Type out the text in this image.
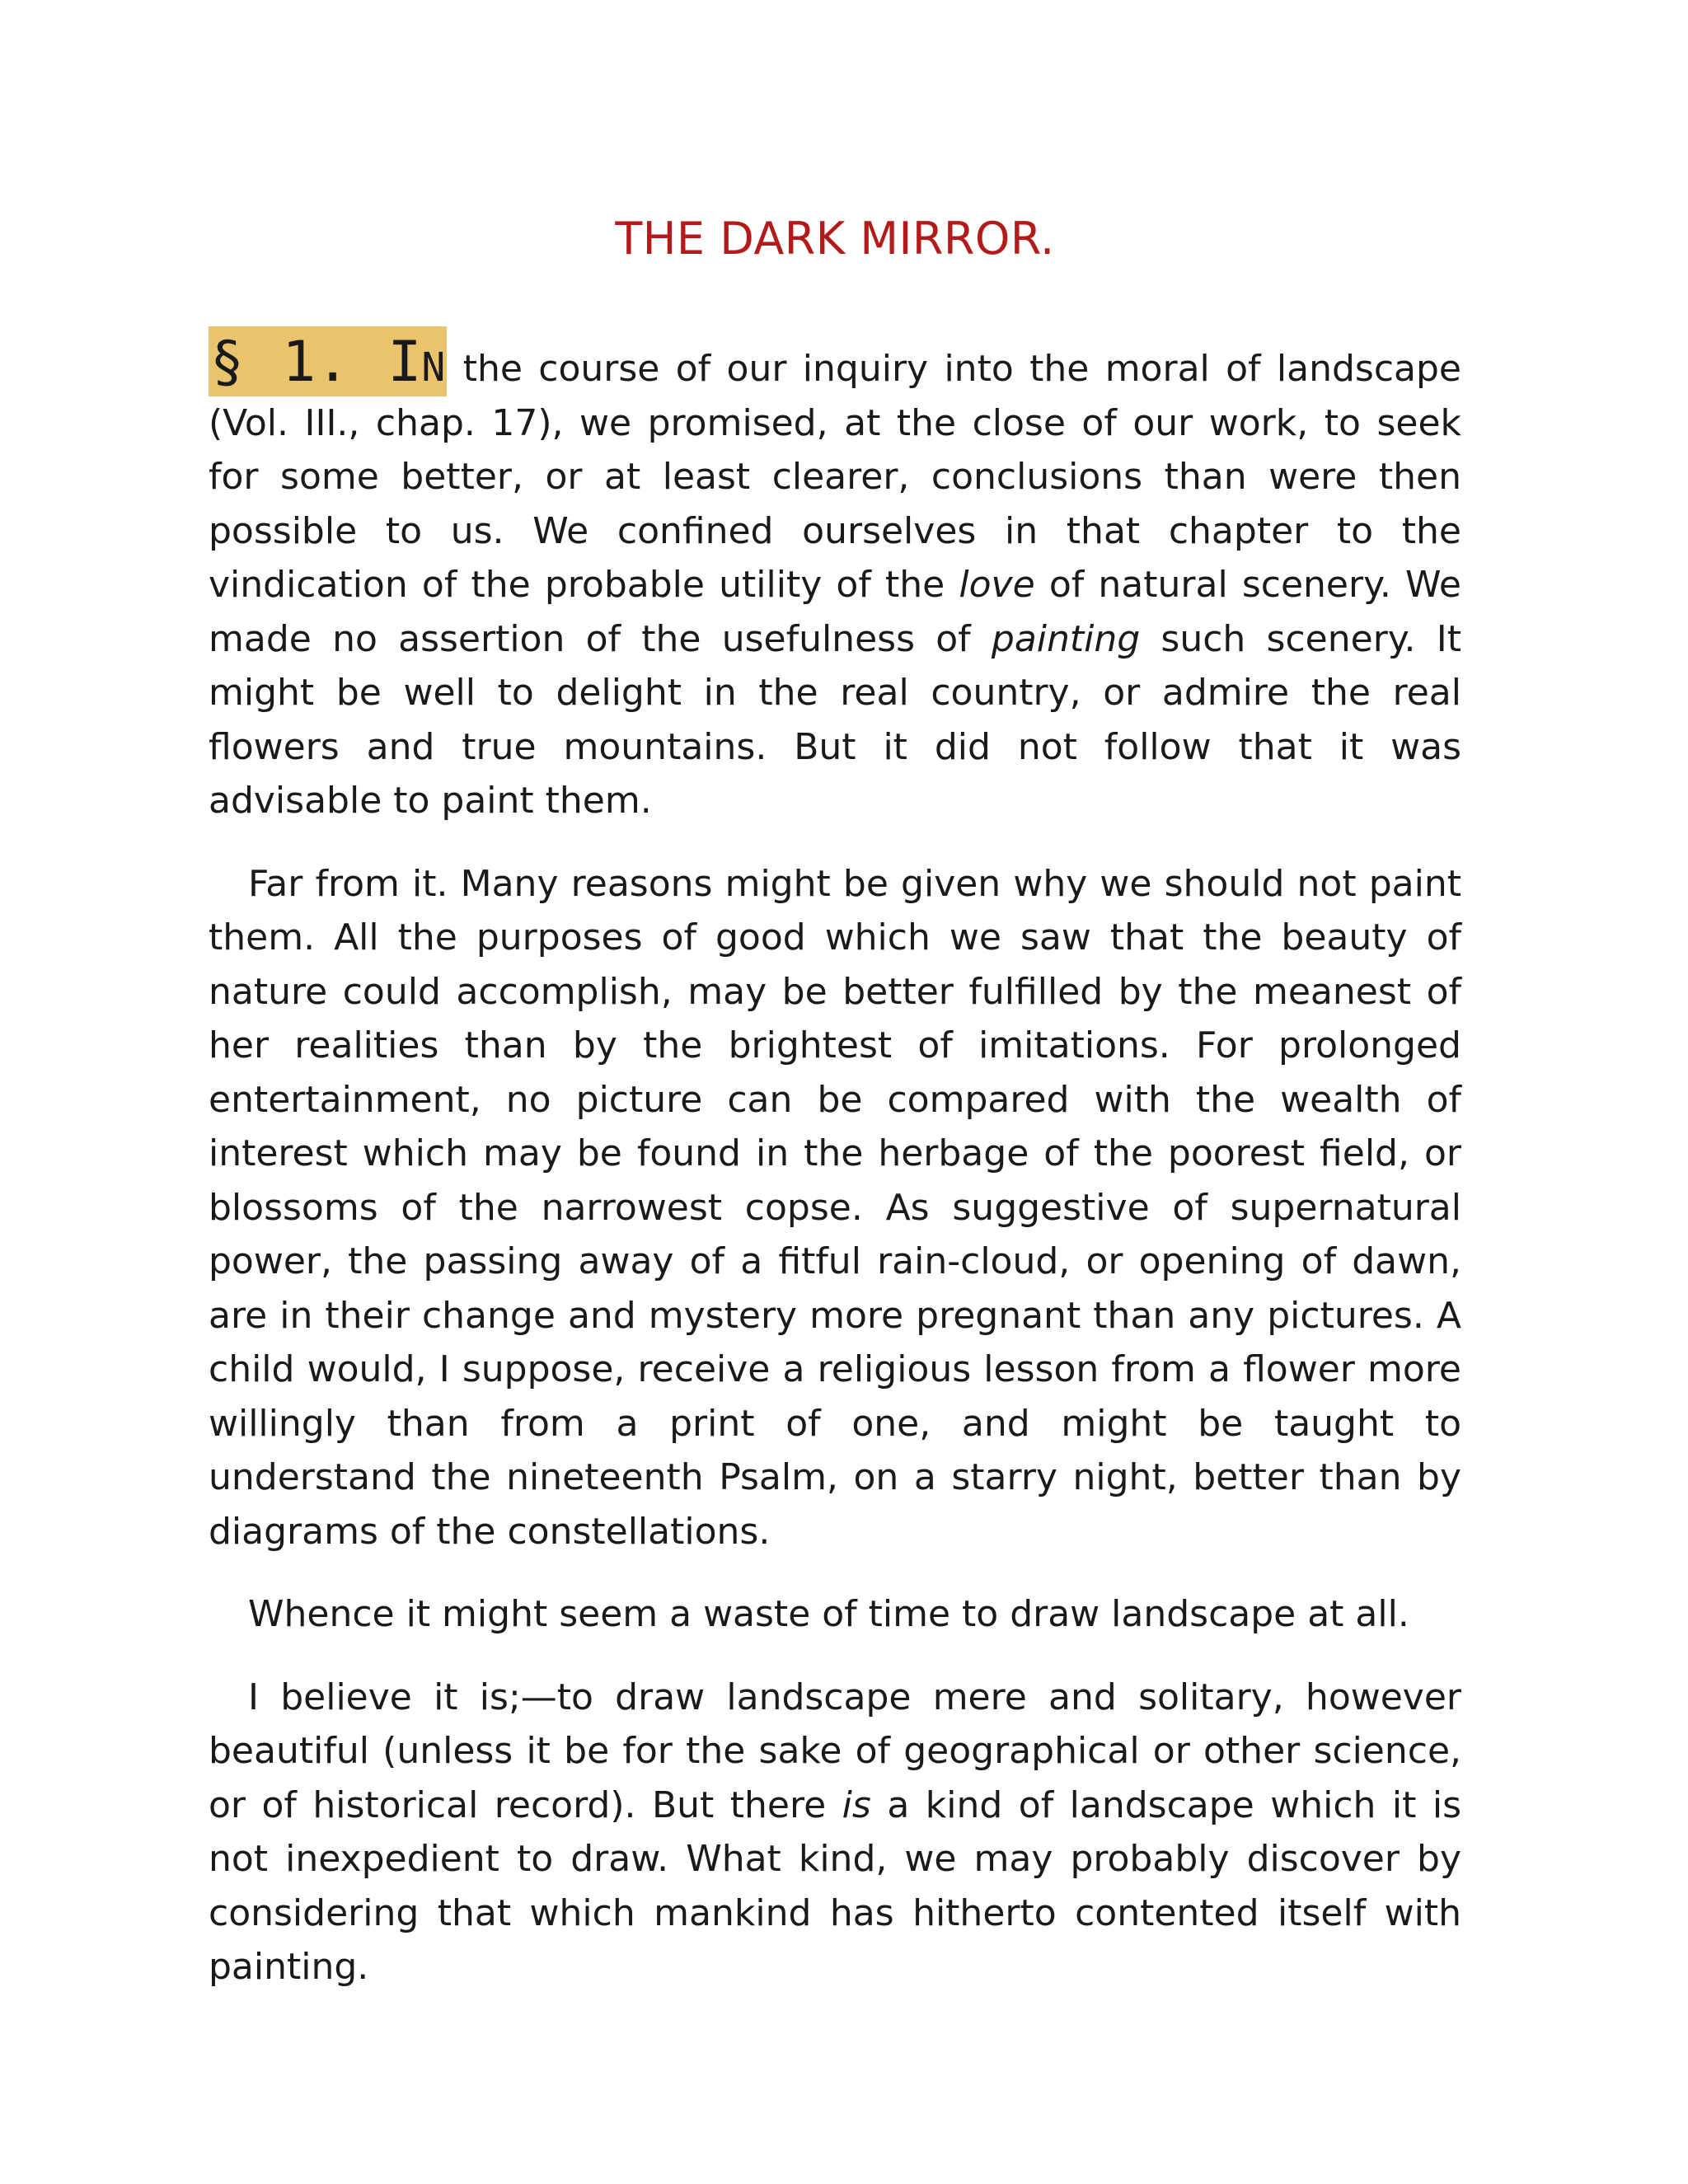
THE DARK MIRROR.

§ 1. IN the course of our inquiry into the moral of landscape (Vol. III., chap. 17), we promised, at the close of our work, to seek for some better, or at least clearer, conclusions than were then possible to us. We confined ourselves in that chapter to the vindication of the probable utility of the love of natural scenery. We made no assertion of the usefulness of painting such scenery. It might be well to delight in the real country, or admire the real flowers and true mountains. But it did not follow that it was advisable to paint them.

Far from it. Many reasons might be given why we should not paint them. All the purposes of good which we saw that the beauty of nature could accomplish, may be better fulfilled by the meanest of her realities than by the brightest of imitations. For prolonged entertainment, no picture can be compared with the wealth of interest which may be found in the herbage of the poorest field, or blossoms of the narrowest copse. As suggestive of supernatural power, the passing away of a fitful rain-cloud, or opening of dawn, are in their change and mystery more pregnant than any pictures. A child would, I suppose, receive a religious lesson from a flower more willingly than from a print of one, and might be taught to understand the nineteenth Psalm, on a starry night, better than by diagrams of the constellations.

Whence it might seem a waste of time to draw landscape at all.

I believe it is;—to draw landscape mere and solitary, however beautiful (unless it be for the sake of geographical or other science, or of historical record). But there is a kind of landscape which it is not inexpedient to draw. What kind, we may probably discover by considering that which mankind has hitherto contented itself with painting.
